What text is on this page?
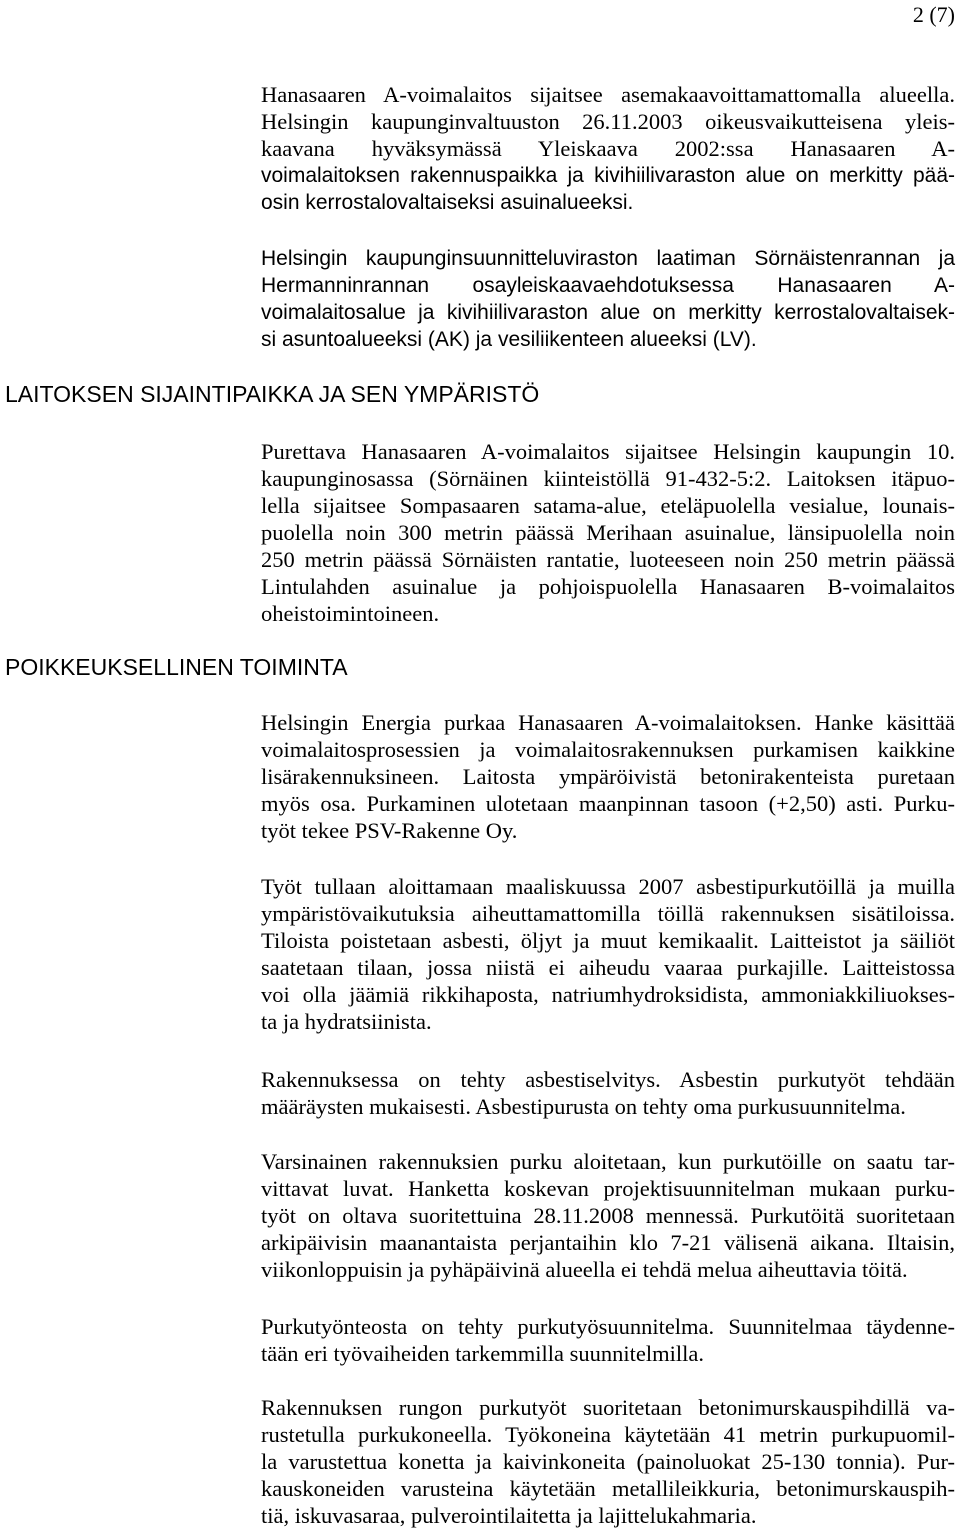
2 (7)
Hanasaaren A-voimalaitos sijaitsee asemakaavoittamattomalla alueella.
Helsingin kaupunginvaltuuston 26.11.2003 oikeusvaikutteisena yleis-
kaavana hyväksymässä Yleiskaava 2002:ssa Hanasaaren A-
voimalaitoksen rakennuspaikka ja kivihiilivaraston alue on merkitty pää-
osin kerrostalovaltaiseksi asuinalueeksi.
Helsingin kaupunginsuunnitteluviraston laatiman Sörnäistenrannan ja
Hermanninrannan osayleiskaavaehdotuksessa Hanasaaren A-
voimalaitosalue ja kivihiilivaraston alue on merkitty kerrostalovaltaisek-
si asuntoalueeksi (AK) ja vesiliikenteen alueeksi (LV).
LAITOKSEN SIJAINTIPAIKKA JA SEN YMPÄRISTÖ
Purettava Hanasaaren A-voimalaitos sijaitsee Helsingin kaupungin 10.
kaupunginosassa (Sörnäinen kiinteistöllä 91-432-5:2. Laitoksen itäpuo-
lella sijaitsee Sompasaaren satama-alue, eteläpuolella vesialue, lounais-
puolella noin 300 metrin päässä Merihaan asuinalue, länsipuolella noin
250 metrin päässä Sörnäisten rantatie, luoteeseen noin 250 metrin päässä
Lintulahden asuinalue ja pohjoispuolella Hanasaaren B-voimalaitos
oheistoimintoineen.
POIKKEUKSELLINEN TOIMINTA
Helsingin Energia purkaa Hanasaaren A-voimalaitoksen. Hanke käsittää
voimalaitosprosessien ja voimalaitosrakennuksen purkamisen kaikkine
lisärakennuksineen. Laitosta ympäröivistä betonirakenteista puretaan
myös osa. Purkaminen ulotetaan maanpinnan tasoon (+2,50) asti. Purku-
työt tekee PSV-Rakenne Oy.
Työt tullaan aloittamaan maaliskuussa 2007 asbestipurkutöillä ja muilla
ympäristövaikutuksia aiheuttamattomilla töillä rakennuksen sisätiloissa.
Tiloista poistetaan asbesti, öljyt ja muut kemikaalit. Laitteistot ja säiliöt
saatetaan tilaan, jossa niistä ei aiheudu vaaraa purkajille. Laitteistossa
voi olla jäämiä rikkihaposta, natriumhydroksidista, ammoniakkiliuokses-
ta ja hydratsiinista.
Rakennuksessa on tehty asbestiselvitys. Asbestin purkutyöt tehdään
määräysten mukaisesti. Asbestipurusta on tehty oma purkusuunnitelma.
Varsinainen rakennuksien purku aloitetaan, kun purkutöille on saatu tar-
vittavat luvat. Hanketta koskevan projektisuunnitelman mukaan purku-
työt on oltava suoritettuina 28.11.2008 mennessä. Purkutöitä suoritetaan
arkipäivisin maanantaista perjantaihin klo 7-21 välisenä aikana. Iltaisin,
viikonloppuisin ja pyhäpäivinä alueella ei tehdä melua aiheuttavia töitä.
Purkutyönteosta on tehty purkutyösuunnitelma. Suunnitelmaa täydenne-
tään eri työvaiheiden tarkemmilla suunnitelmilla.
Rakennuksen rungon purkutyöt suoritetaan betonimurskauspihdillä va-
rustetulla purkukoneella. Työkoneina käytetään 41 metrin purkupuomil-
la varustettua konetta ja kaivinkoneita (painoluokat 25-130 tonnia). Pur-
kauskoneiden varusteina käytetään metallileikkuria, betonimurskauspih-
tiä, iskuvasaraa, pulverointilaitetta ja lajittelukahmaria.
